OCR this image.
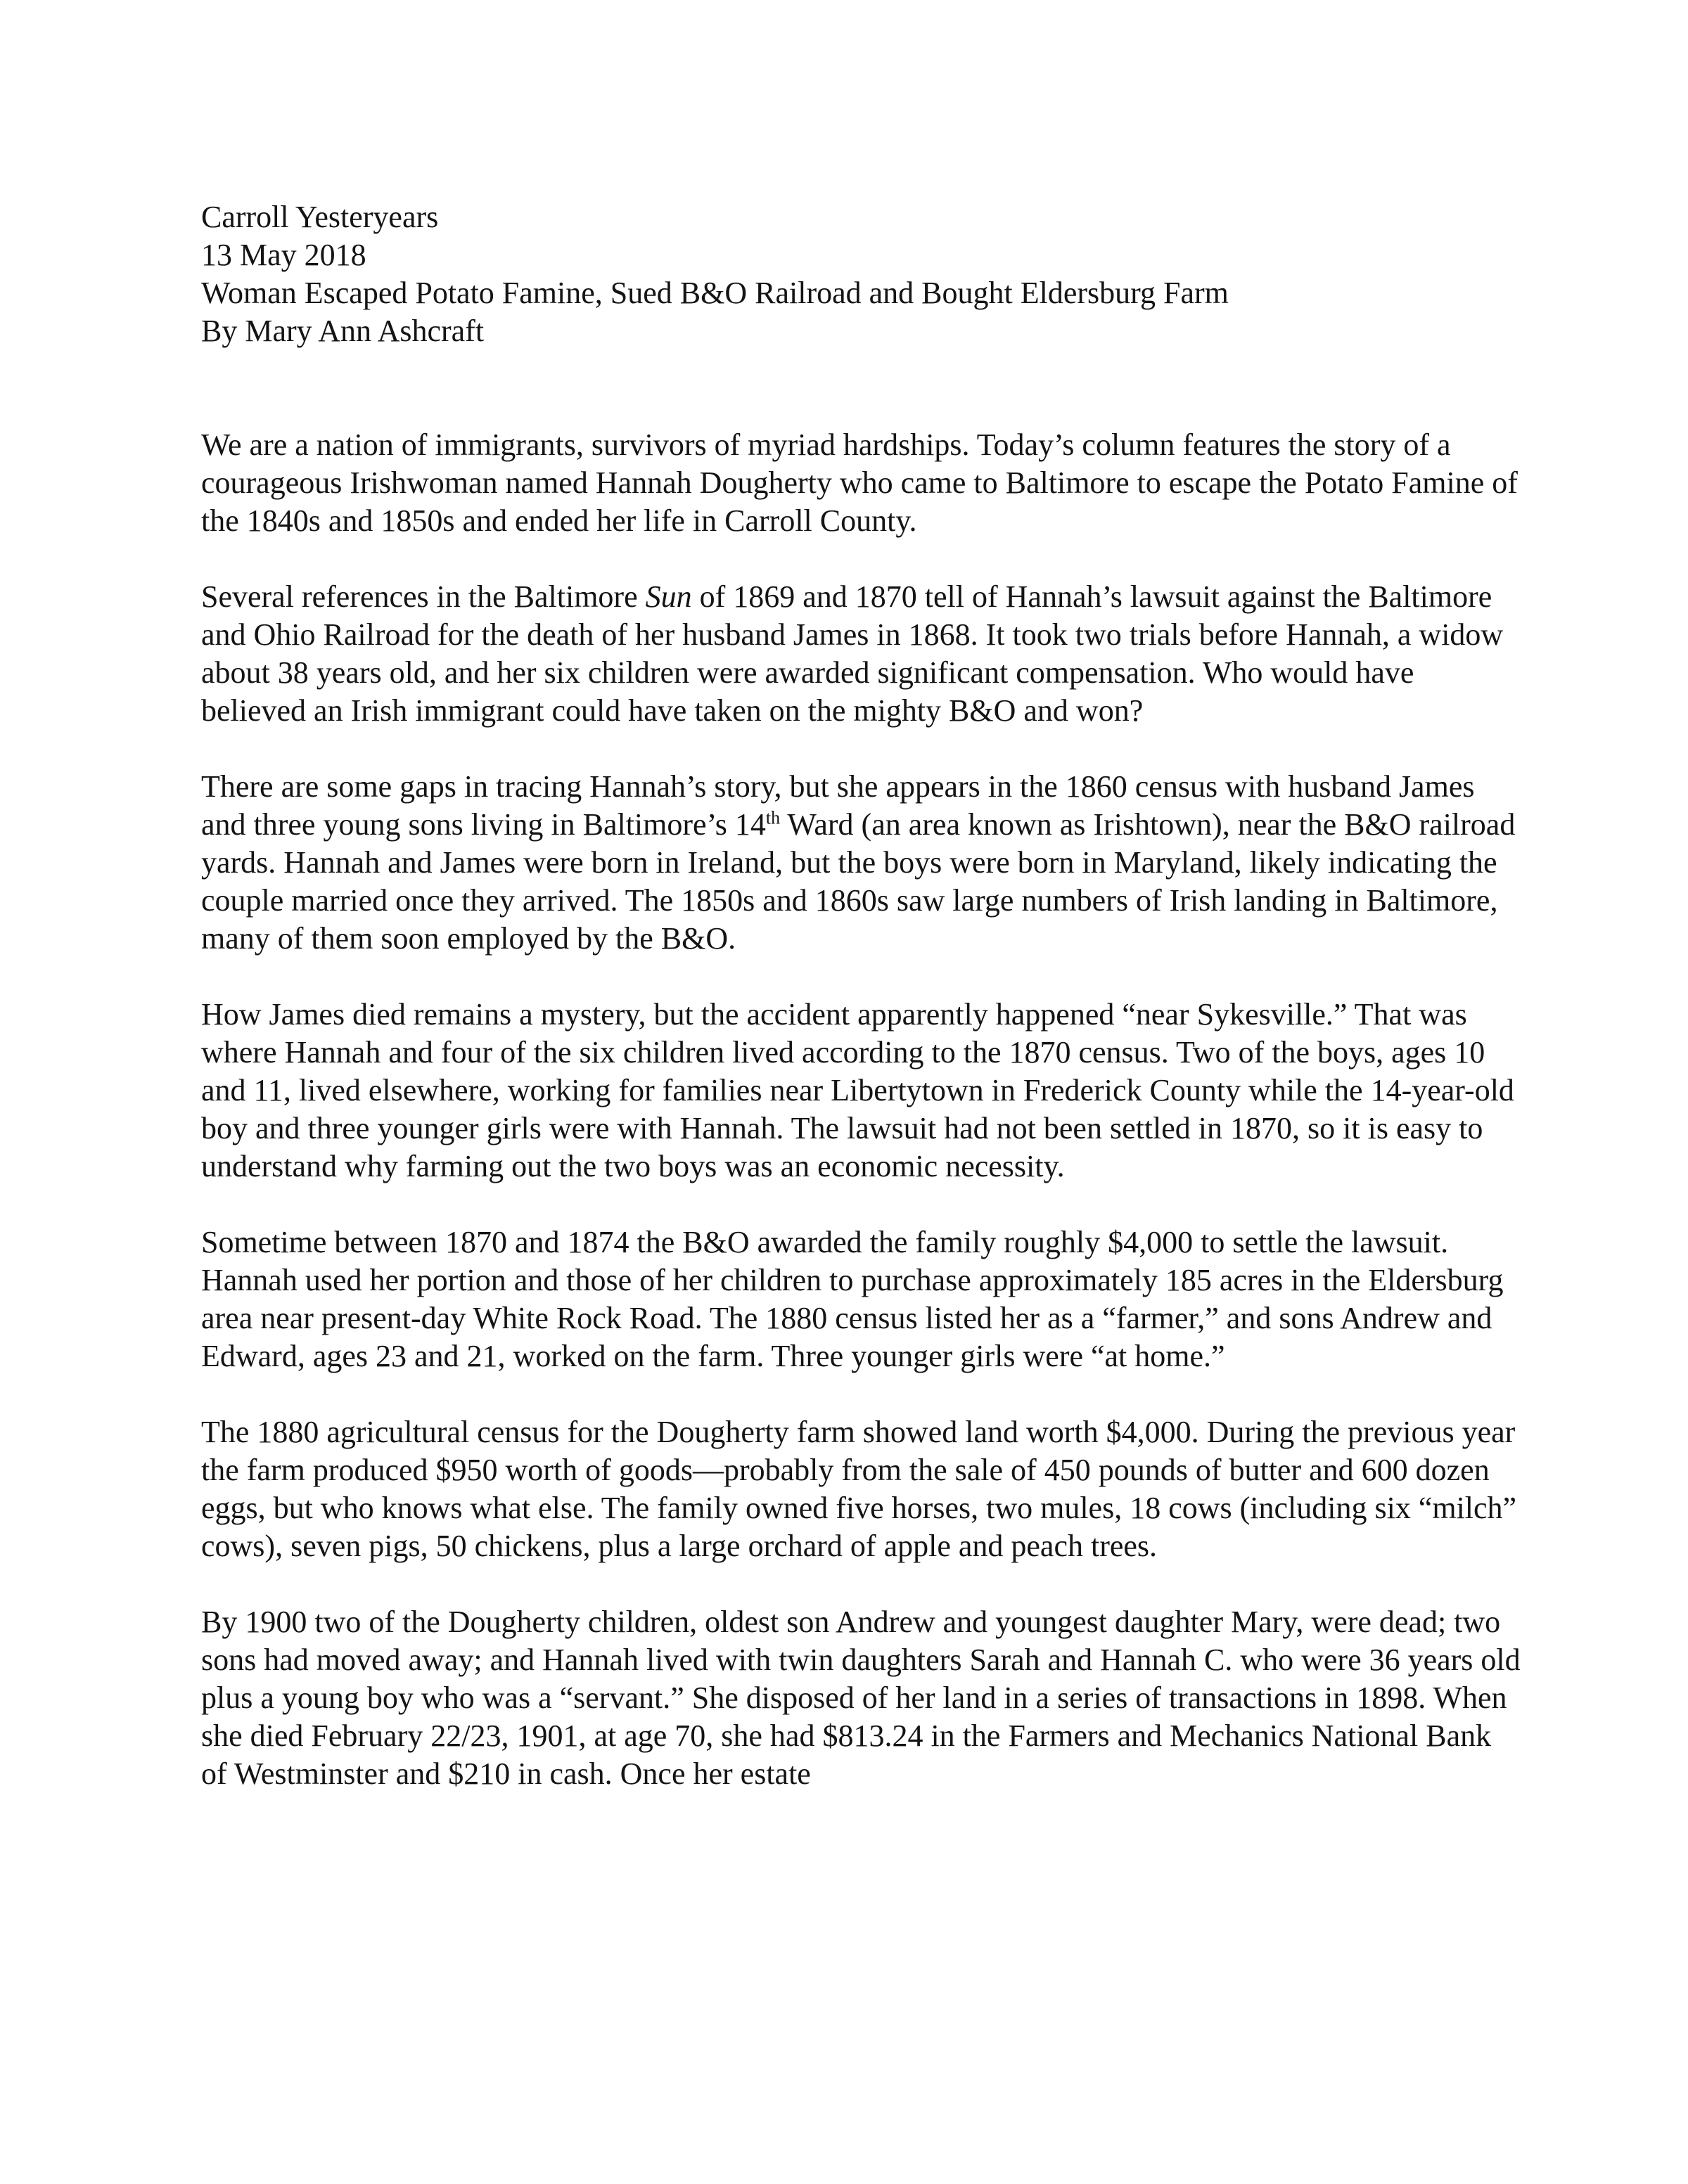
Carroll Yesteryears
13 May 2018
Woman Escaped Potato Famine, Sued B&O Railroad and Bought Eldersburg Farm
By Mary Ann Ashcraft

We are a nation of immigrants, survivors of myriad hardships. Today’s column features the story of a courageous Irishwoman named Hannah Dougherty who came to Baltimore to escape the Potato Famine of the 1840s and 1850s and ended her life in Carroll County.

Several references in the Baltimore Sun of 1869 and 1870 tell of Hannah’s lawsuit against the Baltimore and Ohio Railroad for the death of her husband James in 1868. It took two trials before Hannah, a widow about 38 years old, and her six children were awarded significant compensation. Who would have believed an Irish immigrant could have taken on the mighty B&O and won?

There are some gaps in tracing Hannah’s story, but she appears in the 1860 census with husband James and three young sons living in Baltimore’s 14th Ward (an area known as Irishtown), near the B&O railroad yards. Hannah and James were born in Ireland, but the boys were born in Maryland, likely indicating the couple married once they arrived. The 1850s and 1860s saw large numbers of Irish landing in Baltimore, many of them soon employed by the B&O.

How James died remains a mystery, but the accident apparently happened “near Sykesville.” That was where Hannah and four of the six children lived according to the 1870 census. Two of the boys, ages 10 and 11, lived elsewhere, working for families near Libertytown in Frederick County while the 14-year-old boy and three younger girls were with Hannah. The lawsuit had not been settled in 1870, so it is easy to understand why farming out the two boys was an economic necessity.

Sometime between 1870 and 1874 the B&O awarded the family roughly $4,000 to settle the lawsuit. Hannah used her portion and those of her children to purchase approximately 185 acres in the Eldersburg area near present-day White Rock Road. The 1880 census listed her as a “farmer,” and sons Andrew and Edward, ages 23 and 21, worked on the farm. Three younger girls were “at home.”

The 1880 agricultural census for the Dougherty farm showed land worth $4,000. During the previous year the farm produced $950 worth of goods—probably from the sale of 450 pounds of butter and 600 dozen eggs, but who knows what else. The family owned five horses, two mules, 18 cows (including six “milch” cows), seven pigs, 50 chickens, plus a large orchard of apple and peach trees.

By 1900 two of the Dougherty children, oldest son Andrew and youngest daughter Mary, were dead; two sons had moved away; and Hannah lived with twin daughters Sarah and Hannah C. who were 36 years old plus a young boy who was a “servant.” She disposed of her land in a series of transactions in 1898. When she died February 22/23, 1901, at age 70, she had $813.24 in the Farmers and Mechanics National Bank of Westminster and $210 in cash. Once her estate
